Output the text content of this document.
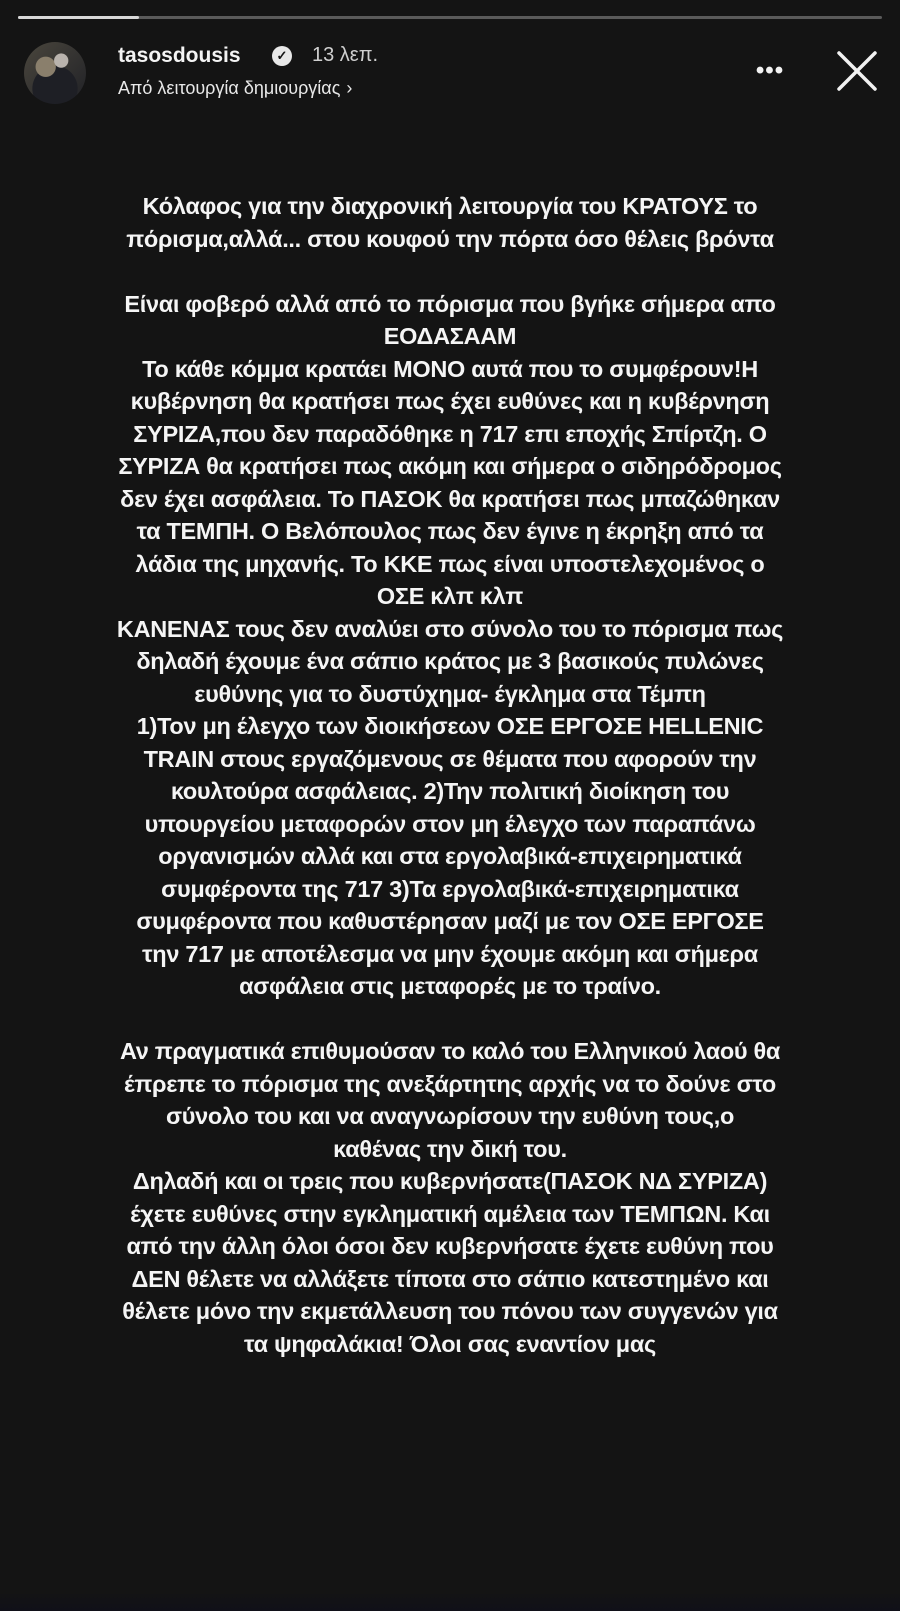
tasosdousis	✓ 13 λεπ.
Από λειτουργία δημιουργίας ›
•••
Κόλαφος για την διαχρονική λειτουργία του ΚΡΑΤΟΥΣ το
πόρισμα,αλλά... στου κουφού την πόρτα όσο θέλεις βρόντα
Είναι φοβερό αλλά από το πόρισμα που βγήκε σήμερα απο
ΕΟΔΑΣΑΑΜ
Το κάθε κόμμα κρατάει ΜΟΝΟ αυτά που το συμφέρουν!Η
κυβέρνηση θα κρατήσει πως έχει ευθύνες και η κυβέρνηση
ΣΥΡΙΖΑ,που δεν παραδόθηκε η 717 επι εποχής Σπίρτζη. Ο
ΣΥΡΙΖΑ θα κρατήσει πως ακόμη και σήμερα ο σιδηρόδρομος
δεν έχει ασφάλεια. Το ΠΑΣΟΚ θα κρατήσει πως μπαζώθηκαν
τα ΤΕΜΠΗ. Ο Βελόπουλος πως δεν έγινε η έκρηξη από τα
λάδια της μηχανής. Το ΚΚΕ πως είναι υποστελεχομένος ο
ΟΣΕ κλπ κλπ
ΚΑΝΕΝΑΣ τους δεν αναλύει στο σύνολο του το πόρισμα πως
δηλαδή έχουμε ένα σάπιο κράτος με 3 βασικούς πυλώνες
ευθύνης για το δυστύχημα- έγκλημα στα Τέμπη
1)Τον μη έλεγχο των διοικήσεων ΟΣΕ ΕΡΓΟΣΕ HELLENIC
TRAIN στους εργαζόμενους σε θέματα που αφορούν την
κουλτούρα ασφάλειας. 2)Την πολιτική διοίκηση του
υπουργείου μεταφορών στον μη έλεγχο των παραπάνω
οργανισμών αλλά και στα εργολαβικά-επιχειρηματικά
συμφέροντα της 717 3)Τα εργολαβικά-επιχειρηματικα
συμφέροντα που καθυστέρησαν μαζί με τον ΟΣΕ ΕΡΓΟΣΕ
την 717 με αποτέλεσμα να μην έχουμε ακόμη και σήμερα
ασφάλεια στις μεταφορές με το τραίνο.
Αν πραγματικά επιθυμούσαν το καλό του Ελληνικού λαού θα
έπρεπε το πόρισμα της ανεξάρτητης αρχής να το δούνε στο
σύνολο του και να αναγνωρίσουν την ευθύνη τους,ο
καθένας την δική του.
Δηλαδή και οι τρεις που κυβερνήσατε(ΠΑΣΟΚ ΝΔ ΣΥΡΙΖΑ)
έχετε ευθύνες στην εγκληματική αμέλεια των ΤΕΜΠΩΝ. Και
από την άλλη όλοι όσοι δεν κυβερνήσατε έχετε ευθύνη που
ΔΕΝ θέλετε να αλλάξετε τίποτα στο σάπιο κατεστημένο και
θέλετε μόνο την εκμετάλλευση του πόνου των συγγενών για
τα ψηφαλάκια! Όλοι σας εναντίον μας
